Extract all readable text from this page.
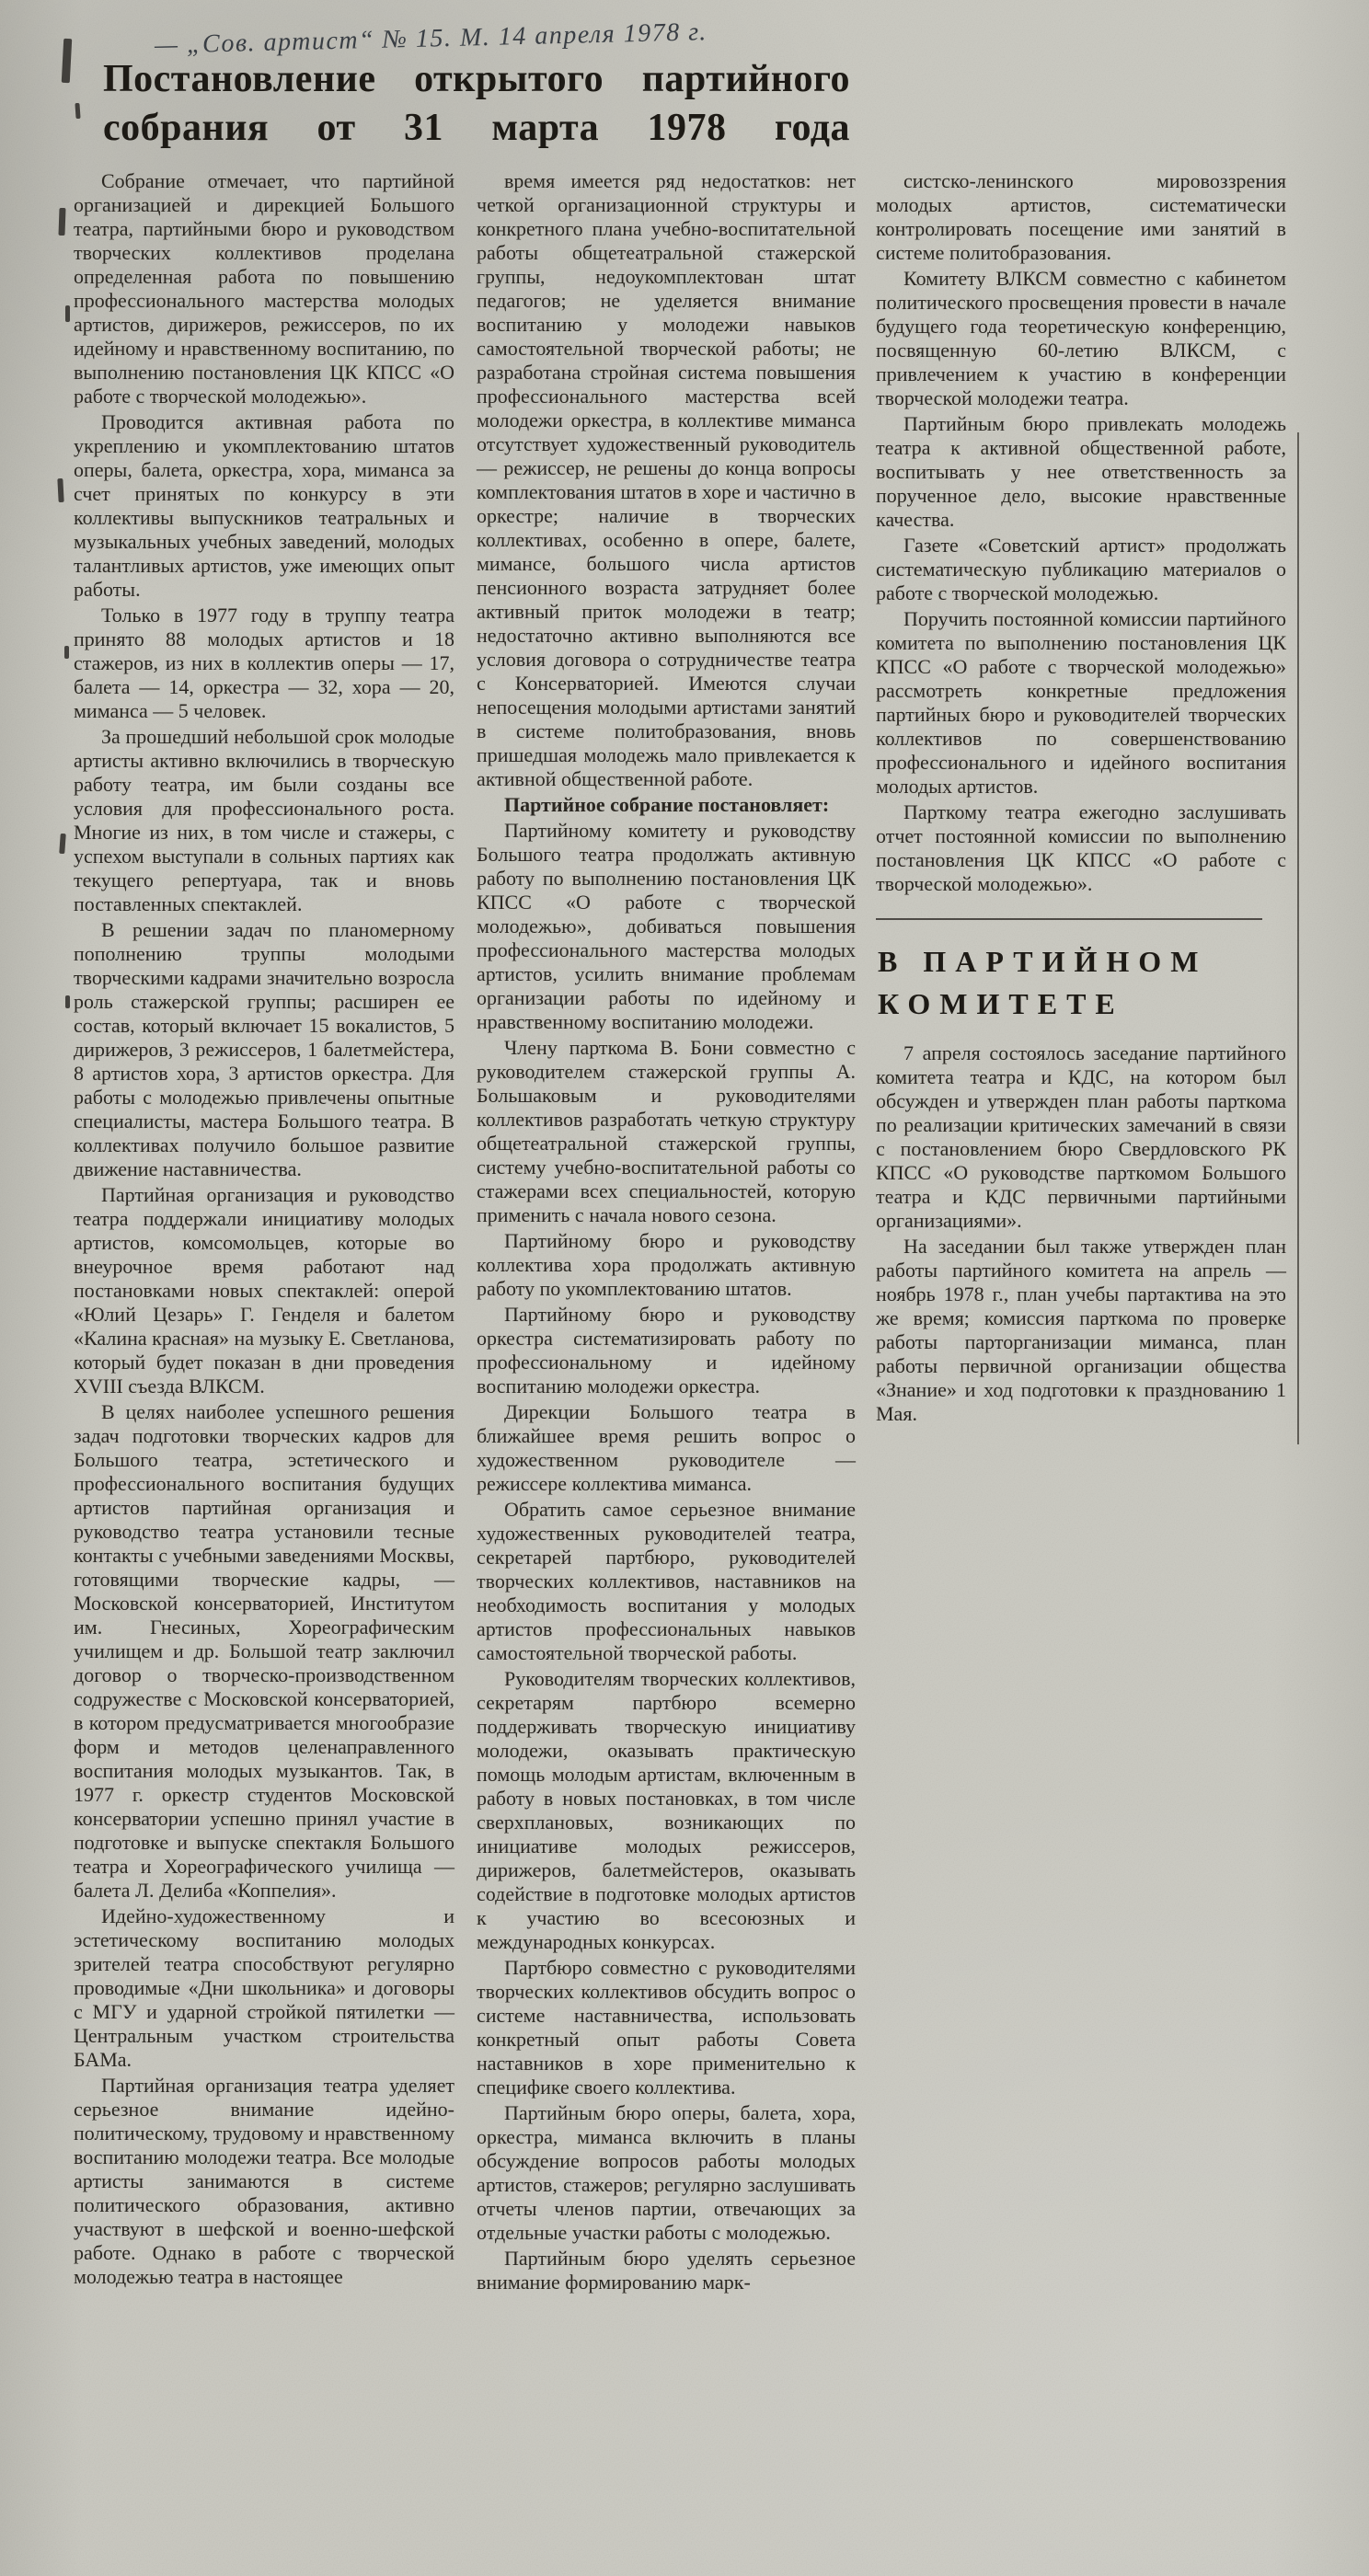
— „Сов. артист“ № 15. М. 14 апреля 1978 г.
Постановление открытого партийного
собрания от 31 марта 1978 года

Собрание отмечает, что партийной организацией и дирекцией Большого театра, партийными бюро и руководством творческих коллективов проделана определенная работа по повышению профессионального мастерства молодых артистов, дирижеров, режиссеров, по их идейному и нравственному воспитанию, по выполнению постановления ЦК КПСС «О работе с творческой молодежью».

Проводится активная работа по укреплению и укомплектованию штатов оперы, балета, оркестра, хора, миманса за счет принятых по конкурсу в эти коллективы выпускников театральных и музыкальных учебных заведений, молодых талантливых артистов, уже имеющих опыт работы.

Только в 1977 году в труппу театра принято 88 молодых артистов и 18 стажеров, из них в коллектив оперы — 17, балета — 14, оркестра — 32, хора — 20, миманса — 5 человек.

За прошедший небольшой срок молодые артисты активно включились в творческую работу театра, им были созданы все условия для профессионального роста. Многие из них, в том числе и стажеры, с успехом выступали в сольных партиях как текущего репертуара, так и вновь поставленных спектаклей.

В решении задач по планомерному пополнению труппы молодыми творческими кадрами значительно возросла роль стажерской группы; расширен ее состав, который включает 15 вокалистов, 5 дирижеров, 3 режиссеров, 1 балетмейстера, 8 артистов хора, 3 артистов оркестра. Для работы с молодежью привлечены опытные специалисты, мастера Большого театра. В коллективах получило большое развитие движение наставничества.

Партийная организация и руководство театра поддержали инициативу молодых артистов, комсомольцев, которые во внеурочное время работают над постановками новых спектаклей: оперой «Юлий Цезарь» Г. Генделя и балетом «Калина красная» на музыку Е. Светланова, который будет показан в дни проведения XVIII съезда ВЛКСМ.

В целях наиболее успешного решения задач подготовки творческих кадров для Большого театра, эстетического и профессионального воспитания будущих артистов партийная организация и руководство театра установили тесные контакты с учебными заведениями Москвы, готовящими творческие кадры, — Московской консерваторией, Институтом им. Гнесиных, Хореографическим училищем и др. Большой театр заключил договор о творческо-производственном содружестве с Московской консерваторией, в котором предусматривается многообразие форм и методов целенаправленного воспитания молодых музыкантов. Так, в 1977 г. оркестр студентов Московской консерватории успешно принял участие в подготовке и выпуске спектакля Большого театра и Хореографического училища — балета Л. Делиба «Коппелия».

Идейно-художественному и эстетическому воспитанию молодых зрителей театра способствуют регулярно проводимые «Дни школьника» и договоры с МГУ и ударной стройкой пятилетки — Центральным участком строительства БАМа.

Партийная организация театра уделяет серьезное внимание идейно-политическому, трудовому и нравственному воспитанию молодежи театра. Все молодые артисты занимаются в системе политического образования, активно участвуют в шефской и военно-шефской работе. Однако в работе с творческой молодежью театра в настоящее

время имеется ряд недостатков: нет четкой организационной структуры и конкретного плана учебно-воспитательной работы общетеатральной стажерской группы, недоукомплектован штат педагогов; не уделяется внимание воспитанию у молодежи навыков самостоятельной творческой работы; не разработана стройная система повышения профессионального мастерства всей молодежи оркестра, в коллективе миманса отсутствует художественный руководитель — режиссер, не решены до конца вопросы комплектования штатов в хоре и частично в оркестре; наличие в творческих коллективах, особенно в опере, балете, мимансе, большого числа артистов пенсионного возраста затрудняет более активный приток молодежи в театр; недостаточно активно выполняются все условия договора о сотрудничестве театра с Консерваторией. Имеются случаи непосещения молодыми артистами занятий в системе политобразования, вновь пришедшая молодежь мало привлекается к активной общественной работе.

Партийное собрание постановляет:

Партийному комитету и руководству Большого театра продолжать активную работу по выполнению постановления ЦК КПСС «О работе с творческой молодежью», добиваться повышения профессионального мастерства молодых артистов, усилить внимание проблемам организации работы по идейному и нравственному воспитанию молодежи.

Члену парткома В. Бони совместно с руководителем стажерской группы А. Большаковым и руководителями коллективов разработать четкую структуру общетеатральной стажерской группы, систему учебно-воспитательной работы со стажерами всех специальностей, которую применить с начала нового сезона.

Партийному бюро и руководству коллектива хора продолжать активную работу по укомплектованию штатов.

Партийному бюро и руководству оркестра систематизировать работу по профессиональному и идейному воспитанию молодежи оркестра.

Дирекции Большого театра в ближайшее время решить вопрос о художественном руководителе — режиссере коллектива миманса.

Обратить самое серьезное внимание художественных руководителей театра, секретарей партбюро, руководителей творческих коллективов, наставников на необходимость воспитания у молодых артистов профессиональных навыков самостоятельной творческой работы.

Руководителям творческих коллективов, секретарям партбюро всемерно поддерживать творческую инициативу молодежи, оказывать практическую помощь молодым артистам, включенным в работу в новых постановках, в том числе сверхплановых, возникающих по инициативе молодых режиссеров, дирижеров, балетмейстеров, оказывать содействие в подготовке молодых артистов к участию во всесоюзных и международных конкурсах.

Партбюро совместно с руководителями творческих коллективов обсудить вопрос о системе наставничества, использовать конкретный опыт работы Совета наставников в хоре применительно к специфике своего коллектива.

Партийным бюро оперы, балета, хора, оркестра, миманса включить в планы обсуждение вопросов работы молодых артистов, стажеров; регулярно заслушивать отчеты членов партии, отвечающих за отдельные участки работы с молодежью.

Партийным бюро уделять серьезное внимание формированию марк-

систско-ленинского мировоззрения молодых артистов, систематически контролировать посещение ими занятий в системе политобразования.

Комитету ВЛКСМ совместно с кабинетом политического просвещения провести в начале будущего года теоретическую конференцию, посвященную 60-летию ВЛКСМ, с привлечением к участию в конференции творческой молодежи театра.

Партийным бюро привлекать молодежь театра к активной общественной работе, воспитывать у нее ответственность за порученное дело, высокие нравственные качества.

Газете «Советский артист» продолжать систематическую публикацию материалов о работе с творческой молодежью.

Поручить постоянной комиссии партийного комитета по выполнению постановления ЦК КПСС «О работе с творческой молодежью» рассмотреть конкретные предложения партийных бюро и руководителей творческих коллективов по совершенствованию профессионального и идейного воспитания молодых артистов.

Парткому театра ежегодно заслушивать отчет постоянной комиссии по выполнению постановления ЦК КПСС «О работе с творческой молодежью».

В ПАРТИЙНОМ
КОМИТЕТЕ

7 апреля состоялось заседание партийного комитета театра и КДС, на котором был обсужден и утвержден план работы парткома по реализации критических замечаний в связи с постановлением бюро Свердловского РК КПСС «О руководстве парткомом Большого театра и КДС первичными партийными организациями».

На заседании был также утвержден план работы партийного комитета на апрель — ноябрь 1978 г., план учебы партактива на это же время; комиссия парткома по проверке работы парторганизации миманса, план работы первичной организации общества «Знание» и ход подготовки к празднованию 1 Мая.
